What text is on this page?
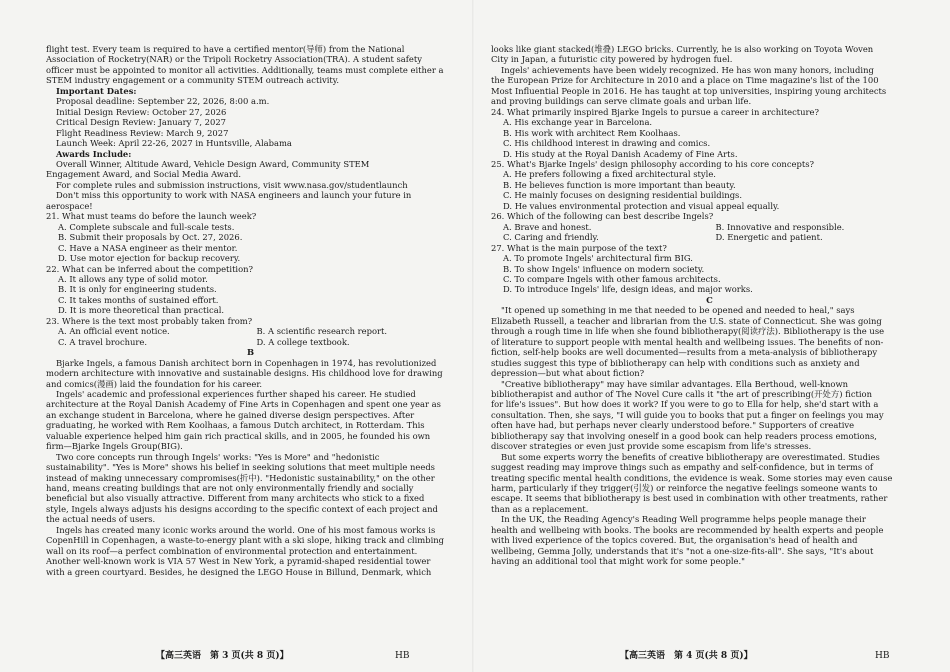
flight test. Every team is required to have a certified mentor(导师) from the National
Association of Rocketry(NAR) or the Tripoli Rocketry Association(TRA). A student safety
officer must be appointed to monitor all activities. Additionally, teams must complete either a
STEM industry engagement or a community STEM outreach activity.
Important Dates:
Proposal deadline: September 22, 2026, 8:00 a.m.
Initial Design Review: October 27, 2026
Critical Design Review: January 7, 2027
Flight Readiness Review: March 9, 2027
Launch Week: April 22-26, 2027 in Huntsville, Alabama
Awards Include:
Overall Winner, Altitude Award, Vehicle Design Award, Community STEM
Engagement Award, and Social Media Award.
For complete rules and submission instructions, visit www.nasa.gov/studentlaunch
Don't miss this opportunity to work with NASA engineers and launch your future in
aerospace!
21. What must teams do before the launch week?
A. Complete subscale and full-scale tests.
B. Submit their proposals by Oct. 27, 2026.
C. Have a NASA engineer as their mentor.
D. Use motor ejection for backup recovery.
22. What can be inferred about the competition?
A. It allows any type of solid motor.
B. It is only for engineering students.
C. It takes months of sustained effort.
D. It is more theoretical than practical.
23. Where is the text most probably taken from?
A. An official event notice.	B. A scientific research report.
C. A travel brochure.	D. A college textbook.
B
Bjarke Ingels, a famous Danish architect born in Copenhagen in 1974, has revolutionized
modern architecture with innovative and sustainable designs. His childhood love for drawing
and comics(漫画) laid the foundation for his career.
Ingels' academic and professional experiences further shaped his career. He studied
architecture at the Royal Danish Academy of Fine Arts in Copenhagen and spent one year as
an exchange student in Barcelona, where he gained diverse design perspectives. After
graduating, he worked with Rem Koolhaas, a famous Dutch architect, in Rotterdam. This
valuable experience helped him gain rich practical skills, and in 2005, he founded his own
firm—Bjarke Ingels Group(BIG).
Two core concepts run through Ingels' works: "Yes is More" and "hedonistic
sustainability". "Yes is More" shows his belief in seeking solutions that meet multiple needs
instead of making unnecessary compromises(折中). "Hedonistic sustainability," on the other
hand, means creating buildings that are not only environmentally friendly and socially
beneficial but also visually attractive. Different from many architects who stick to a fixed
style, Ingels always adjusts his designs according to the specific context of each project and
the actual needs of users.
Ingels has created many iconic works around the world. One of his most famous works is
CopenHill in Copenhagen, a waste-to-energy plant with a ski slope, hiking track and climbing
wall on its roof—a perfect combination of environmental protection and entertainment.
Another well-known work is VIA 57 West in New York, a pyramid-shaped residential tower
with a green courtyard. Besides, he designed the LEGO House in Billund, Denmark, which
【高三英语　第 3 页(共 8 页)】	HB
looks like giant stacked(堆叠) LEGO bricks. Currently, he is also working on Toyota Woven
City in Japan, a futuristic city powered by hydrogen fuel.
Ingels' achievements have been widely recognized. He has won many honors, including
the European Prize for Architecture in 2010 and a place on Time magazine's list of the 100
Most Influential People in 2016. He has taught at top universities, inspiring young architects
and proving buildings can serve climate goals and urban life.
24. What primarily inspired Bjarke Ingels to pursue a career in architecture?
A. His exchange year in Barcelona.
B. His work with architect Rem Koolhaas.
C. His childhood interest in drawing and comics.
D. His study at the Royal Danish Academy of Fine Arts.
25. What's Bjarke Ingels' design philosophy according to his core concepts?
A. He prefers following a fixed architectural style.
B. He believes function is more important than beauty.
C. He mainly focuses on designing residential buildings.
D. He values environmental protection and visual appeal equally.
26. Which of the following can best describe Ingels?
A. Brave and honest.	B. Innovative and responsible.
C. Caring and friendly.	D. Energetic and patient.
27. What is the main purpose of the text?
A. To promote Ingels' architectural firm BIG.
B. To show Ingels' influence on modern society.
C. To compare Ingels with other famous architects.
D. To introduce Ingels' life, design ideas, and major works.
C
"It opened up something in me that needed to be opened and needed to heal," says
Elizabeth Russell, a teacher and librarian from the U.S. state of Connecticut. She was going
through a rough time in life when she found bibliotherapy(阅读疗法). Bibliotherapy is the use
of literature to support people with mental health and wellbeing issues. The benefits of non-
fiction, self-help books are well documented—results from a meta-analysis of bibliotherapy
studies suggest this type of bibliotherapy can help with conditions such as anxiety and
depression—but what about fiction?
"Creative bibliotherapy" may have similar advantages. Ella Berthoud, well-known
bibliotherapist and author of The Novel Cure calls it "the art of prescribing(开处方) fiction
for life's issues". But how does it work? If you were to go to Ella for help, she'd start with a
consultation. Then, she says, "I will guide you to books that put a finger on feelings you may
often have had, but perhaps never clearly understood before." Supporters of creative
bibliotherapy say that involving oneself in a good book can help readers process emotions,
discover strategies or even just provide some escapism from life's stresses.
But some experts worry the benefits of creative bibliotherapy are overestimated. Studies
suggest reading may improve things such as empathy and self-confidence, but in terms of
treating specific mental health conditions, the evidence is weak. Some stories may even cause
harm, particularly if they trigger(引发) or reinforce the negative feelings someone wants to
escape. It seems that bibliotherapy is best used in combination with other treatments, rather
than as a replacement.
In the UK, the Reading Agency's Reading Well programme helps people manage their
health and wellbeing with books. The books are recommended by health experts and people
with lived experience of the topics covered. But, the organisation's head of health and
wellbeing, Gemma Jolly, understands that it's "not a one-size-fits-all". She says, "It's about
having an additional tool that might work for some people."
【高三英语　第 4 页(共 8 页)】	HB
